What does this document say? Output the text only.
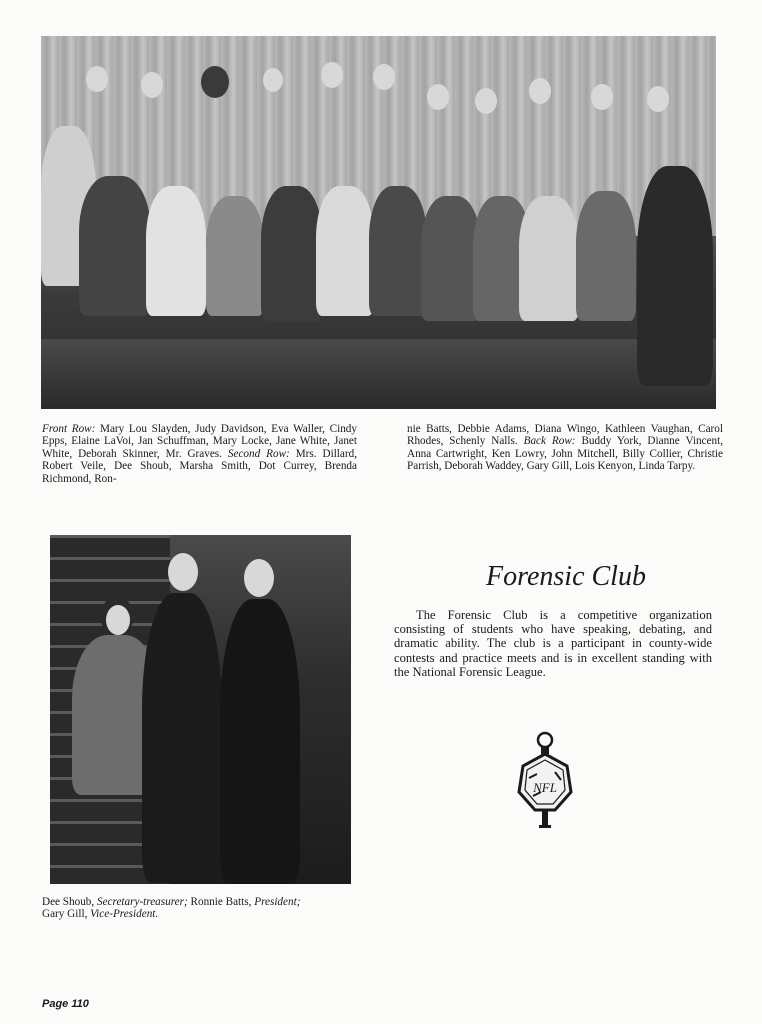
Front Row: Mary Lou Slayden, Judy Davidson, Eva Waller, Cindy Epps, Elaine LaVoi, Jan Schuffman, Mary Locke, Jane White, Janet White, Deborah Skinner, Mr. Graves. Second Row: Mrs. Dillard, Robert Veile, Dee Shoub, Marsha Smith, Dot Currey, Brenda Richmond, Ron-

nie Batts, Debbie Adams, Diana Wingo, Kathleen Vaughan, Carol Rhodes, Schenly Nalls. Back Row: Buddy York, Dianne Vincent, Anna Cartwright, Ken Lowry, John Mitchell, Billy Collier, Christie Parrish, Deborah Waddey, Gary Gill, Lois Kenyon, Linda Tarpy.

Dee Shoub, Secretary-treasurer; Ronnie Batts, President;
Gary Gill, Vice-President.

Forensic Club

The Forensic Club is a competitive organization consisting of students who have speaking, debating, and dramatic ability. The club is a participant in county-wide contests and practice meets and is in excellent standing with the National Forensic League.

NFL

Page 110
